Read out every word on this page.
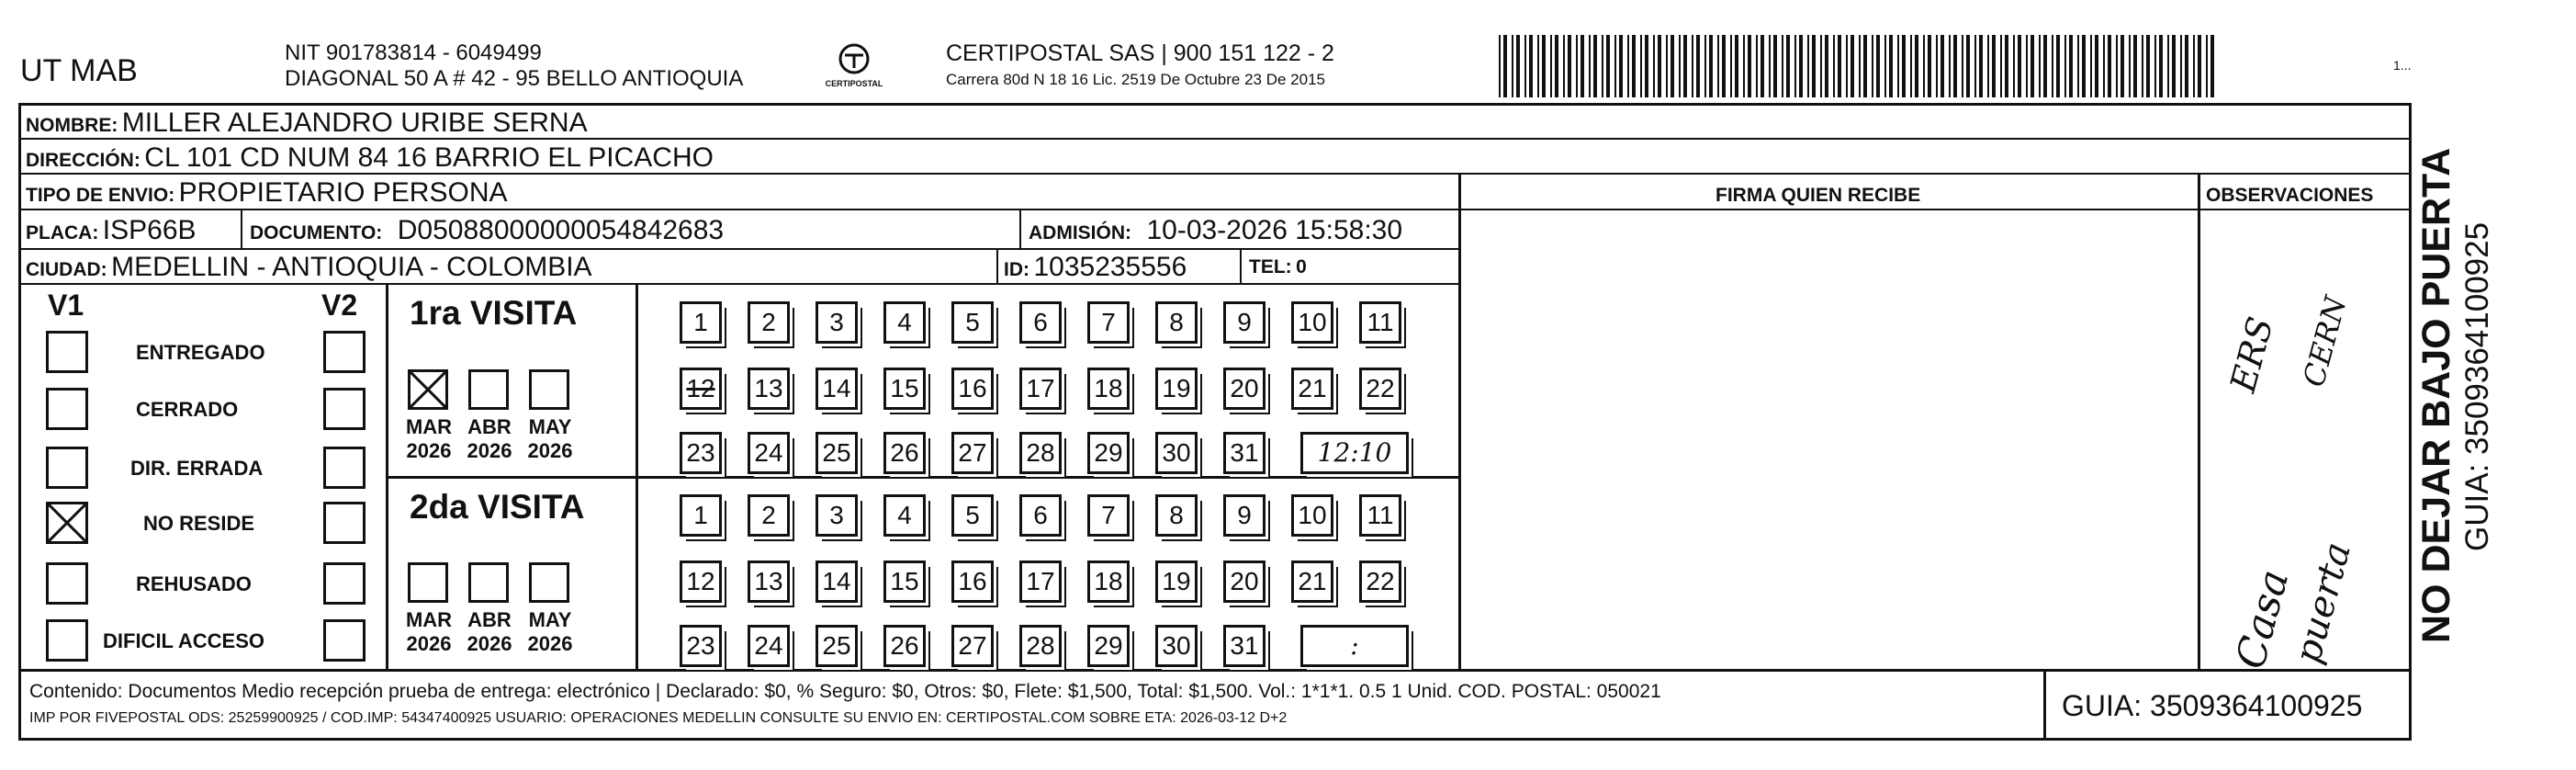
UT MAB
NIT 901783814 - 6049499
DIAGONAL 50 A # 42 - 95 BELLO ANTIOQUIA	CERTIPOSTAL
CERTIPOSTAL SAS | 900 151 122 - 2
Carrera 80d N 18 16 Lic. 2519 De Octubre 23 De 2015
1...
NOMBRE: MILLER ALEJANDRO URIBE SERNA
DIRECCIÓN: CL 101 CD NUM 84 16 BARRIO EL PICACHO
TIPO DE ENVIO: PROPIETARIO PERSONA
PLACA: ISP66B	DOCUMENTO: D05088000000054842683	ADMISIÓN: 10-03-2026 15:58:30
CIUDAD: MEDELLIN - ANTIOQUIA - COLOMBIA	ID: 1035235556	TEL: 0
FIRMA QUIEN RECIBE	OBSERVACIONES
V1	V2
ENTREGADO
CERRADO
DIR. ERRADA
NO RESIDE
REHUSADO
DIFICIL ACCESO
1ra VISITA
MAR
2026
ABR
2026
MAY
2026
1	2	3	4	5	6	7	8	9	10	11
12 13 14 15 16 17 18 19 20 21 22
23 24 25 26 27 28 29 30 31	12:10
2da VISITA
MAR
2026
ABR
2026
MAY
2026
1	2	3	4	5	6	7	8	9	10	11
12 13 14 15 16 17 18 19 20 21 22
23 24 25 26 27 28 29 30 31	:
ERS CERN
Casa
puerta
Contenido: Documentos Medio recepción prueba de entrega: electrónico | Declarado: $0, % Seguro: $0, Otros: $0, Flete: $1,500, Total: $1,500. Vol.: 1*1*1. 0.5 1 Unid. COD. POSTAL: 050021
IMP POR FIVEPOSTAL ODS: 25259900925 / COD.IMP: 54347400925 USUARIO: OPERACIONES MEDELLIN CONSULTE SU ENVIO EN: CERTIPOSTAL.COM SOBRE ETA: 2026-03-12 D+2	GUIA: 3509364100925
NO DEJAR BAJO PUERTA GUIA: 3509364100925
